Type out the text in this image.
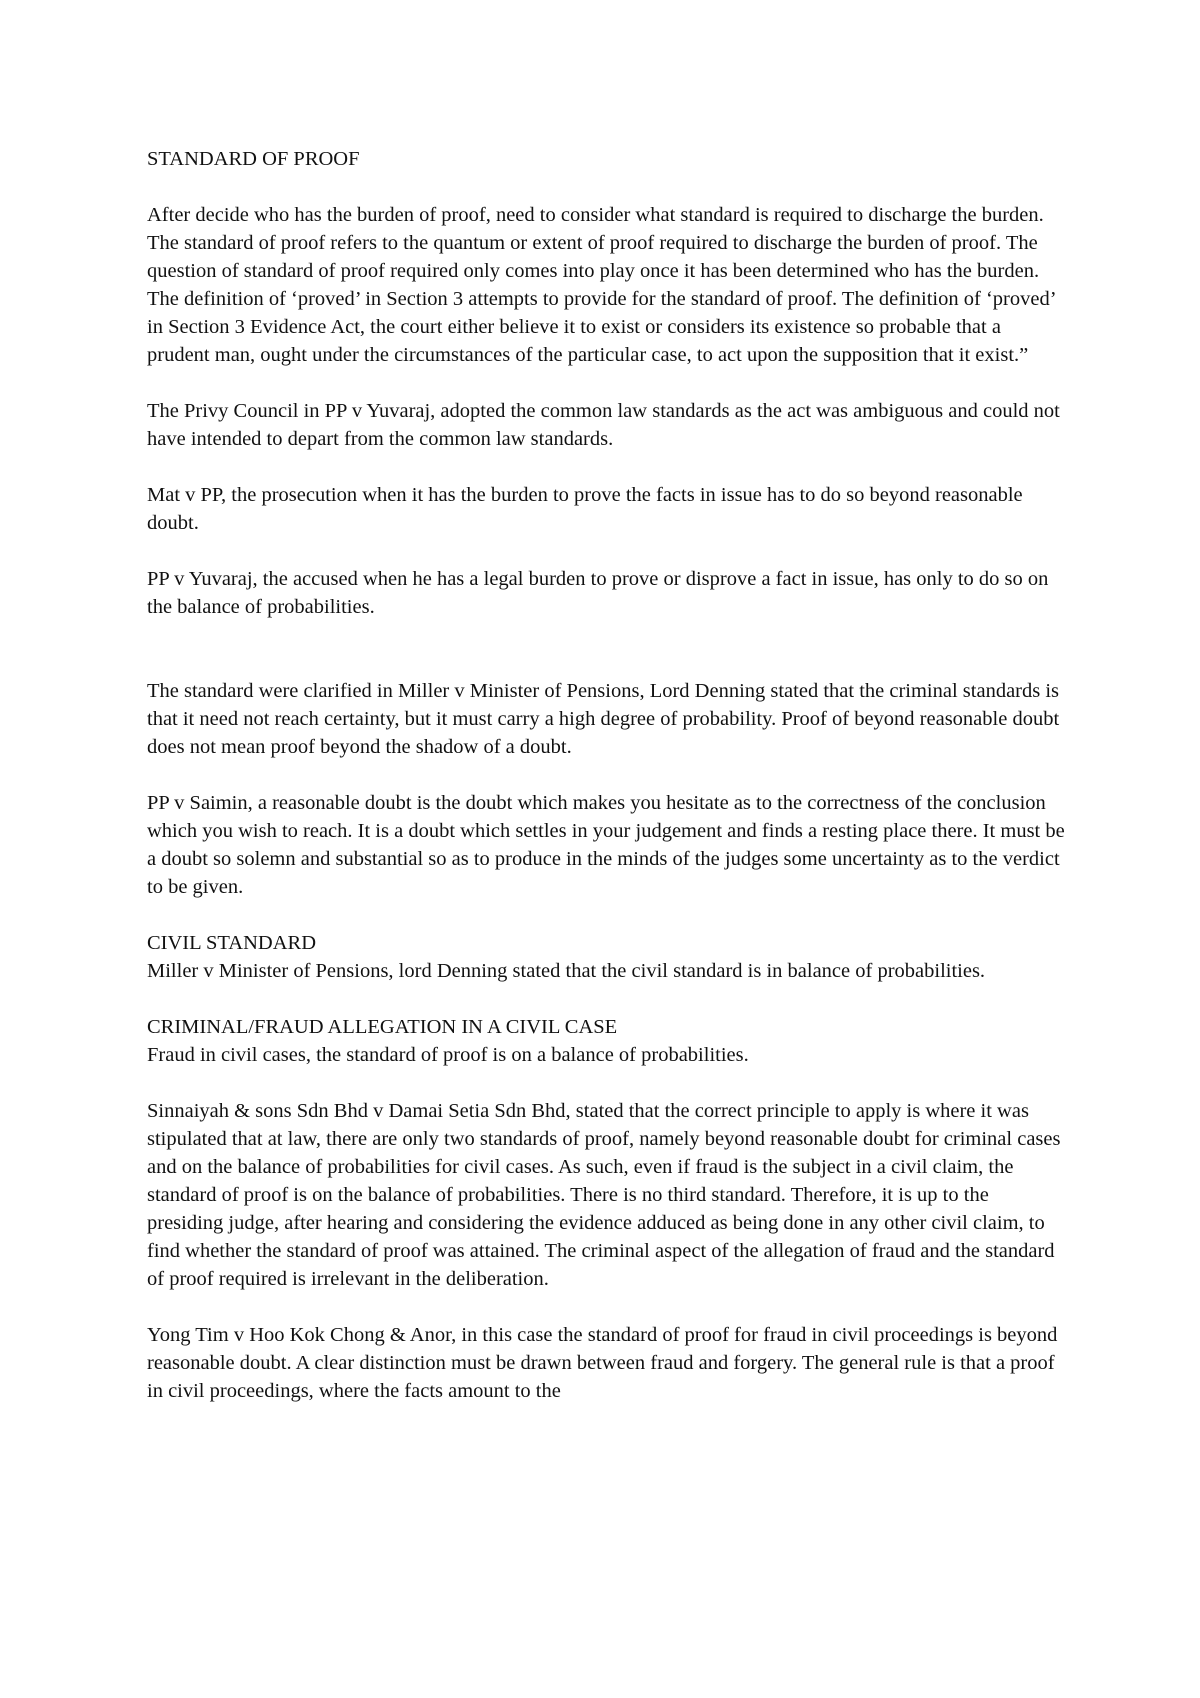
STANDARD OF PROOF

After decide who has the burden of proof, need to consider what standard is required to discharge the burden. The standard of proof refers to the quantum or extent of proof required to discharge the burden of proof. The question of standard of proof required only comes into play once it has been determined who has the burden. The definition of ‘proved’ in Section 3 attempts to provide for the standard of proof. The definition of ‘proved’ in Section 3 Evidence Act, the court either believe it to exist or considers its existence so probable that a prudent man, ought under the circumstances of the particular case, to act upon the supposition that it exist.”

The Privy Council in PP v Yuvaraj, adopted the common law standards as the act was ambiguous and could not have intended to depart from the common law standards.

Mat v PP, the prosecution when it has the burden to prove the facts in issue has to do so beyond reasonable doubt.

PP v Yuvaraj, the accused when he has a legal burden to prove or disprove a fact in issue, has only to do so on the balance of probabilities.

The standard were clarified in Miller v Minister of Pensions, Lord Denning stated that the criminal standards is that it need not reach certainty, but it must carry a high degree of probability. Proof of beyond reasonable doubt does not mean proof beyond the shadow of a doubt.

PP v Saimin, a reasonable doubt is the doubt which makes you hesitate as to the correctness of the conclusion which you wish to reach. It is a doubt which settles in your judgement and finds a resting place there. It must be a doubt so solemn and substantial so as to produce in the minds of the judges some uncertainty as to the verdict to be given.

CIVIL STANDARD
Miller v Minister of Pensions, lord Denning stated that the civil standard is in balance of probabilities.
CRIMINAL/FRAUD ALLEGATION IN A CIVIL CASE
Fraud in civil cases, the standard of proof is on a balance of probabilities.

Sinnaiyah & sons Sdn Bhd v Damai Setia Sdn Bhd, stated that the correct principle to apply is where it was stipulated that at law, there are only two standards of proof, namely beyond reasonable doubt for criminal cases and on the balance of probabilities for civil cases. As such, even if fraud is the subject in a civil claim, the standard of proof is on the balance of probabilities. There is no third standard. Therefore, it is up to the presiding judge, after hearing and considering the evidence adduced as being done in any other civil claim, to find whether the standard of proof was attained. The criminal aspect of the allegation of fraud and the standard of proof required is irrelevant in the deliberation.

Yong Tim v Hoo Kok Chong & Anor, in this case the standard of proof for fraud in civil proceedings is beyond reasonable doubt. A clear distinction must be drawn between fraud and forgery. The general rule is that a proof in civil proceedings, where the facts amount to the
